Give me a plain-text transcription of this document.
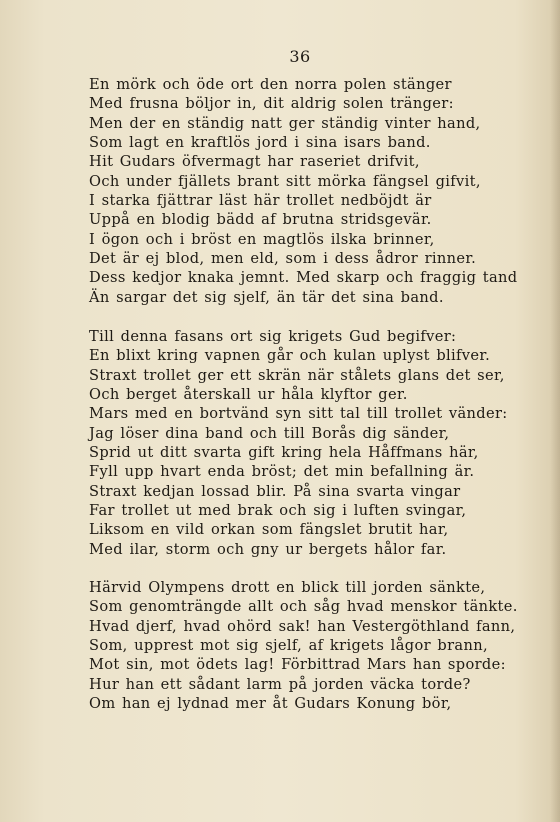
36
En mörk och öde ort den norra polen stänger
Med frusna böljor in, dit aldrig solen tränger:
Men der en ständig natt ger ständig vinter hand,
Som lagt en kraftlös jord i sina isars band.
Hit Gudars öfvermagt har raseriet drifvit,
Och under fjällets brant sitt mörka fängsel gifvit,
I starka fjättrar läst här trollet nedböjdt är
Uppå en blodig bädd af brutna stridsgevär.
I ögon och i bröst en magtlös ilska brinner,
Det är ej blod, men eld, som i dess ådror rinner.
Dess kedjor knaka jemnt. Med skarp och fraggig tand
Än sargar det sig sjelf, än tär det sina band.
Till denna fasans ort sig krigets Gud begifver:
En blixt kring vapnen går och kulan uplyst blifver.
Straxt trollet ger ett skrän när stålets glans det ser,
Och berget återskall ur håla klyftor ger.
Mars med en bortvänd syn sitt tal till trollet vänder:
Jag löser dina band och till Borås dig sänder,
Sprid ut ditt svarta gift kring hela Håffmans här,
Fyll upp hvart enda bröst; det min befallning är.
Straxt kedjan lossad blir. På sina svarta vingar
Far trollet ut med brak och sig i luften svingar,
Liksom en vild orkan som fängslet brutit har,
Med ilar, storm och gny ur bergets hålor far.
Härvid Olympens drott en blick till jorden sänkte,
Som genomträngde allt och såg hvad menskor tänkte.
Hvad djerf, hvad ohörd sak! han Vestergöthland fann,
Som, upprest mot sig sjelf, af krigets lågor brann,
Mot sin, mot ödets lag! Förbittrad Mars han sporde:
Hur han ett sådant larm på jorden väcka torde?
Om han ej lydnad mer åt Gudars Konung bör,
